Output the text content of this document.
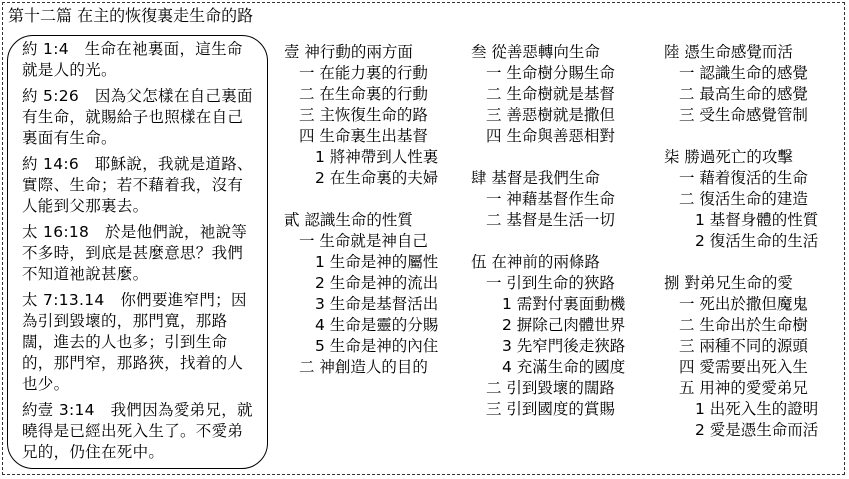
第十二篇 在主的恢復裏走生命的路
約 1:4　生命在祂裏面，這生命就是人的光。
約 5:26　因為父怎樣在自己裏面有生命，就賜給子也照樣在自己裏面有生命。
約 14:6　耶穌說，我就是道路、實際、生命；若不藉着我，沒有人能到父那裏去。
太 16:18　於是他們說，祂說等不多時，到底是甚麼意思？我們不知道祂說甚麼。
太 7:13.14　你們要進窄門；因為引到毀壞的，那門寬，那路闊，進去的人也多；引到生命的，那門窄，那路狹，找着的人也少。
約壹 3:14　我們因為愛弟兄，就曉得是已經出死入生了。不愛弟兄的，仍住在死中。
壹 神行動的兩方面
一 在能力裏的行動
二 在生命裏的行動
三 主恢復生命的路
四 生命裏生出基督
1 將神帶到人性裏
2 在生命裏的夫婦
貳 認識生命的性質
一 生命就是神自己
1 生命是神的屬性
2 生命是神的流出
3 生命是基督活出
4 生命是靈的分賜
5 生命是神的內住
二 神創造人的目的
叁 從善惡轉向生命
一 生命樹分賜生命
二 生命樹就是基督
三 善惡樹就是撒但
四 生命與善惡相對
肆 基督是我們生命
一 神藉基督作生命
二 基督是生活一切
伍 在神前的兩條路
一 引到生命的狹路
1 需對付裏面動機
2 摒除己肉體世界
3 先窄門後走狹路
4 充滿生命的國度
二 引到毀壞的闊路
三 引到國度的賞賜
陸 憑生命感覺而活
一 認識生命的感覺
二 最高生命的感覺
三 受生命感覺管制
柒 勝過死亡的攻擊
一 藉着復活的生命
二 復活生命的建造
1 基督身體的性質
2 復活生命的生活
捌 對弟兄生命的愛
一 死出於撒但魔鬼
二 生命出於生命樹
三 兩種不同的源頭
四 愛需要出死入生
五 用神的愛愛弟兄
1 出死入生的證明
2 愛是憑生命而活
